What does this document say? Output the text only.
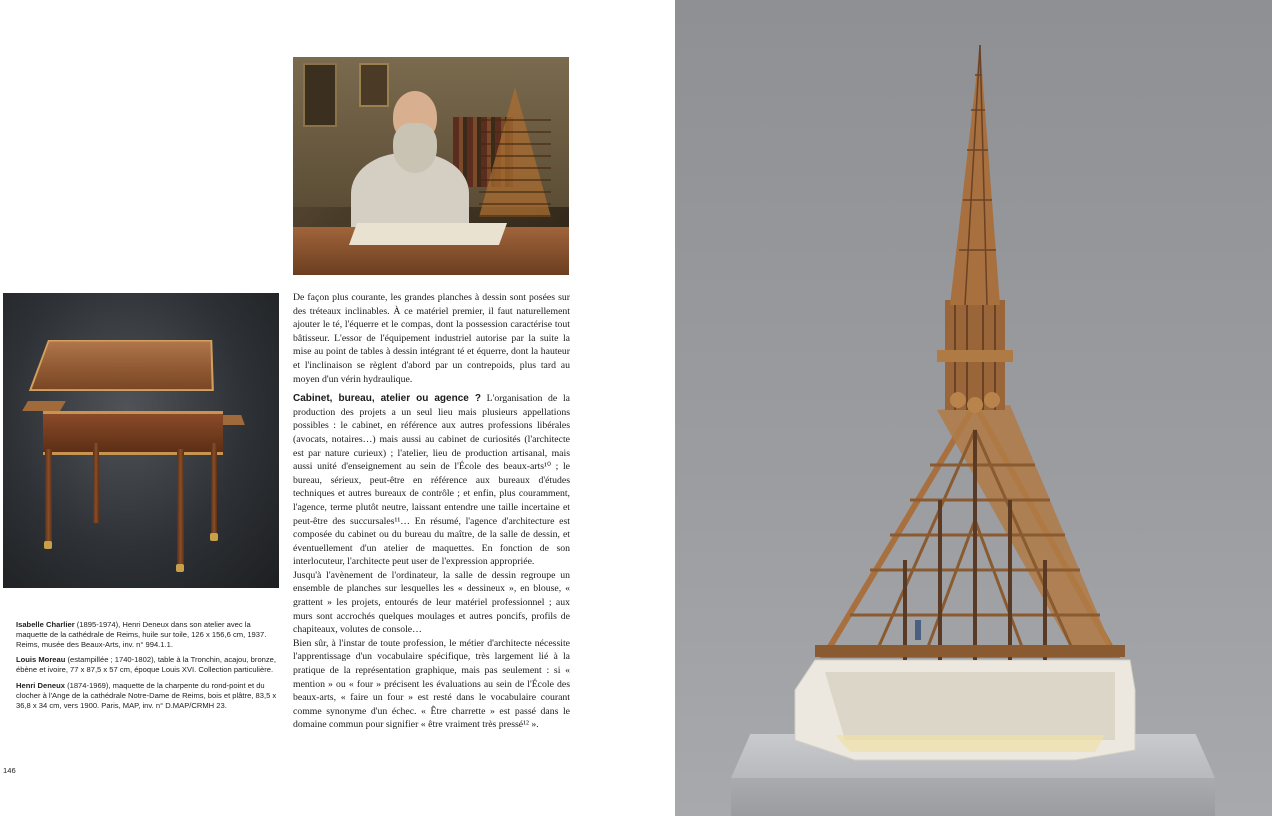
Isabelle Charlier (1895-1974), Henri Deneux dans son atelier avec la maquette de la cathédrale de Reims, huile sur toile, 126 x 156,6 cm, 1937. Reims, musée des Beaux-Arts, inv. n° 994.1.1.

Louis Moreau (estampillée ; 1740-1802), table à la Tronchin, acajou, bronze, ébène et ivoire, 77 x 87,5 x 57 cm, époque Louis XVI. Collection particulière.

Henri Deneux (1874-1969), maquette de la charpente du rond-point et du clocher à l'Ange de la cathédrale Notre-Dame de Reims, bois et plâtre, 83,5 x 36,8 x 34 cm, vers 1900. Paris, MAP, inv. n° D.MAP/CRMH 23.

146

De façon plus courante, les grandes planches à dessin sont posées sur des tréteaux inclinables. À ce matériel premier, il faut naturellement ajouter le té, l'équerre et le compas, dont la possession caractérise tout bâtisseur. L'essor de l'équipement industriel autorise par la suite la mise au point de tables à dessin intégrant té et équerre, dont la hauteur et l'inclinaison se règlent d'abord par un contrepoids, plus tard au moyen d'un vérin hydraulique.

Cabinet, bureau, atelier ou agence ? L'organisation de la production des projets a un seul lieu mais plusieurs appellations possibles : le cabinet, en référence aux autres professions libérales (avocats, notaires…) mais aussi au cabinet de curiosités (l'architecte est par nature curieux) ; l'atelier, lieu de production artisanal, mais aussi unité d'enseignement au sein de l'École des beaux-arts¹⁰ ; le bureau, sérieux, peut-être en référence aux bureaux d'études techniques et autres bureaux de contrôle ; et enfin, plus couramment, l'agence, terme plutôt neutre, laissant entendre une taille incertaine et peut-être des succursales¹¹… En résumé, l'agence d'architecture est composée du cabinet ou du bureau du maître, de la salle de dessin, et éventuellement d'un atelier de maquettes. En fonction de son interlocuteur, l'architecte peut user de l'expression appropriée.

Jusqu'à l'avènement de l'ordinateur, la salle de dessin regroupe un ensemble de planches sur lesquelles les « dessineux », en blouse, « grattent » les projets, entourés de leur matériel professionnel ; aux murs sont accrochés quelques moulages et autres poncifs, profils de chapiteaux, volutes de console…

Bien sûr, à l'instar de toute profession, le métier d'architecte nécessite l'apprentissage d'un vocabulaire spécifique, très largement lié à la pratique de la représentation graphique, mais pas seulement : si « mention » ou « four » précisent les évaluations au sein de l'École des beaux-arts, « faire un four » est resté dans le vocabulaire courant comme synonyme d'un échec. « Être charrette » est passé dans le domaine commun pour signifier « être vraiment très pressé¹² ».
